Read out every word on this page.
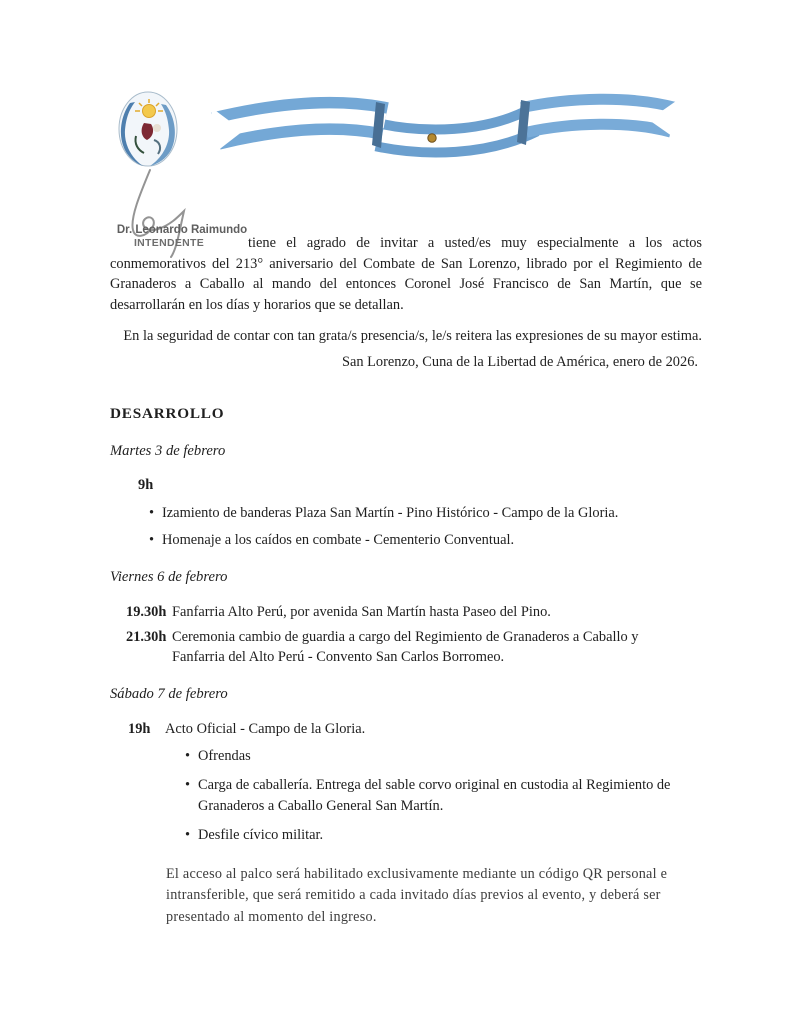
Dr. Leonardo Raimundo
INTENDENTE	tiene el agrado de invitar a usted/es muy especialmente a los actos conmemorativos del 213° aniversario del Combate de San Lorenzo, librado por el Regimiento de Granaderos a Caballo al mando del entonces Coronel José Francisco de San Martín, que se desarrollarán en los días y horarios que se detallan.

En la seguridad de contar con tan grata/s presencia/s, le/s reitera las expresiones de su mayor estima.

San Lorenzo, Cuna de la Libertad de América, enero de 2026.

DESARROLLO

Martes 3 de febrero

9h

• Izamiento de banderas Plaza San Martín - Pino Histórico - Campo de la Gloria.
• Homenaje a los caídos en combate - Cementerio Conventual.

Viernes 6 de febrero

19.30h Fanfarria Alto Perú, por avenida San Martín hasta Paseo del Pino.
21.30h Ceremonia cambio de guardia a cargo del Regimiento de Granaderos a Caballo y Fanfarria del Alto Perú - Convento San Carlos Borromeo.

Sábado 7 de febrero

19h	Acto Oficial - Campo de la Gloria.
• Ofrendas
• Carga de caballería. Entrega del sable corvo original en custodia al Regimiento de Granaderos a Caballo General San Martín.
• Desfile cívico militar.

El acceso al palco será habilitado exclusivamente mediante un código QR personal e intransferible, que será remitido a cada invitado días previos al evento, y deberá ser presentado al momento del ingreso.
